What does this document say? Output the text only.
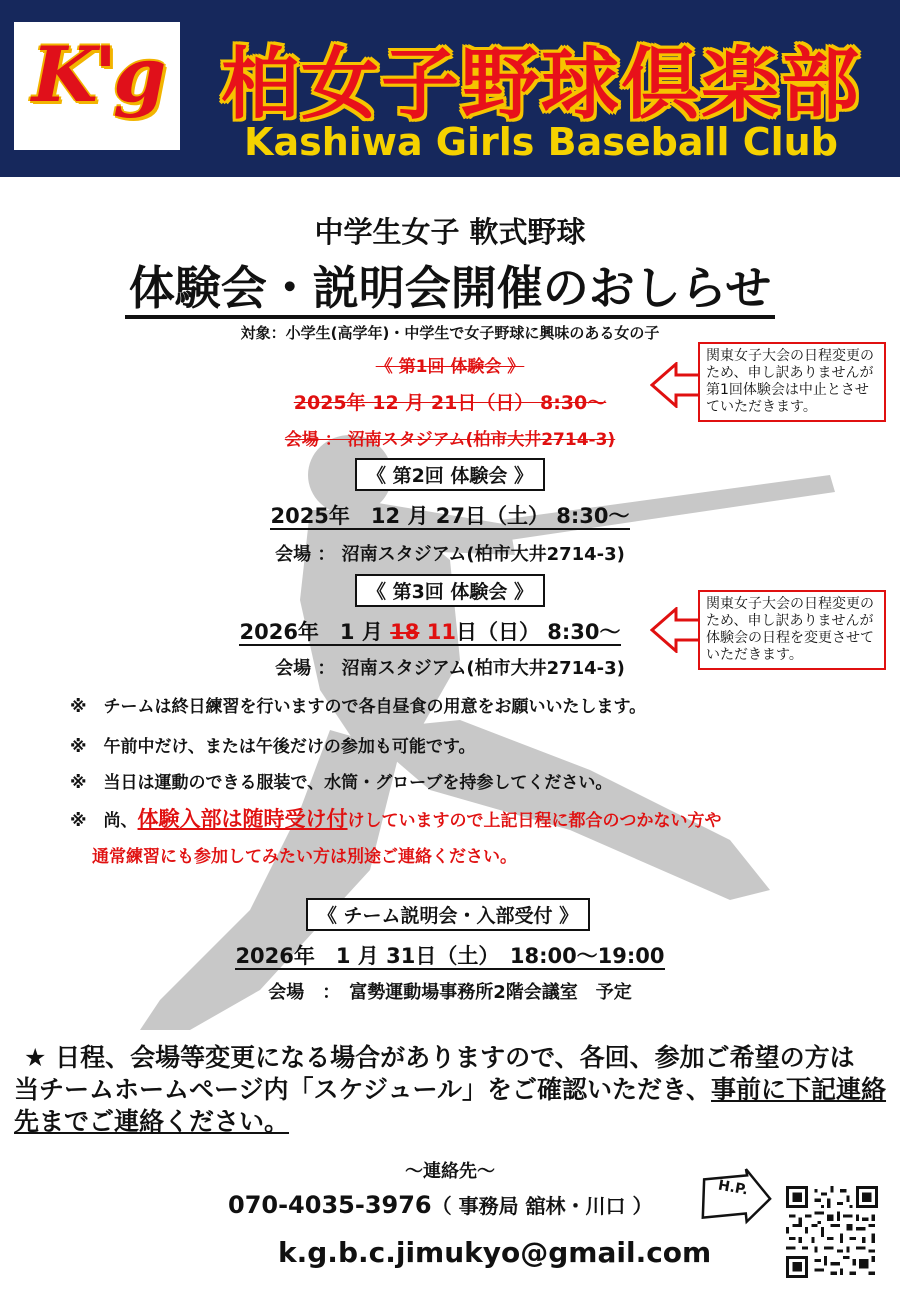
K'g 柏女子野球倶楽部
Kashiwa Girls Baseball Club
中学生女子 軟式野球
体験会・説明会開催のおしらせ
対象：小学生(高学年)・中学生で女子野球に興味のある女の子
《 第1回 体験会 》
2025年 12 月 21日（日） 8:30～
会場 ： 沼南スタジアム(柏市大井2714-3)
関東女子大会の日程変更のため、申し訳ありませんが第1回体験会は中止とさせていただきます。
《 第2回 体験会 》
2025年　12 月 27日（土） 8:30～
会場 ： 沼南スタジアム(柏市大井2714-3)
《 第3回 体験会 》
2026年　1 月 18 11日（日） 8:30～
会場 ： 沼南スタジアム(柏市大井2714-3)
関東女子大会の日程変更のため、申し訳ありませんが体験会の日程を変更させていただきます。
※　チームは終日練習を行いますので各自昼食の用意をお願いいたします。
※　午前中だけ、または午後だけの参加も可能です。
※　当日は運動のできる服装で、水筒・グローブを持参してください。
※　尚、体験入部は随時受け付けしていますので上記日程に都合のつかない方や
通常練習にも参加してみたい方は別途ご連絡ください。
《 チーム説明会・入部受付 》
2026年　1 月 31日（土）　18:00～19:00
会場　：　富勢運動場事務所2階会議室　予定
★ 日程、会場等変更になる場合がありますので、各回、参加ご希望の方は
当チームホームページ内「スケジュール」をご確認いただき、事前に下記連絡
先までご連絡ください。
～連絡先～
070-4035-3976（ 事務局 舘林・川口 ）
k.g.b.c.jimukyo@gmail.com
H.P.
